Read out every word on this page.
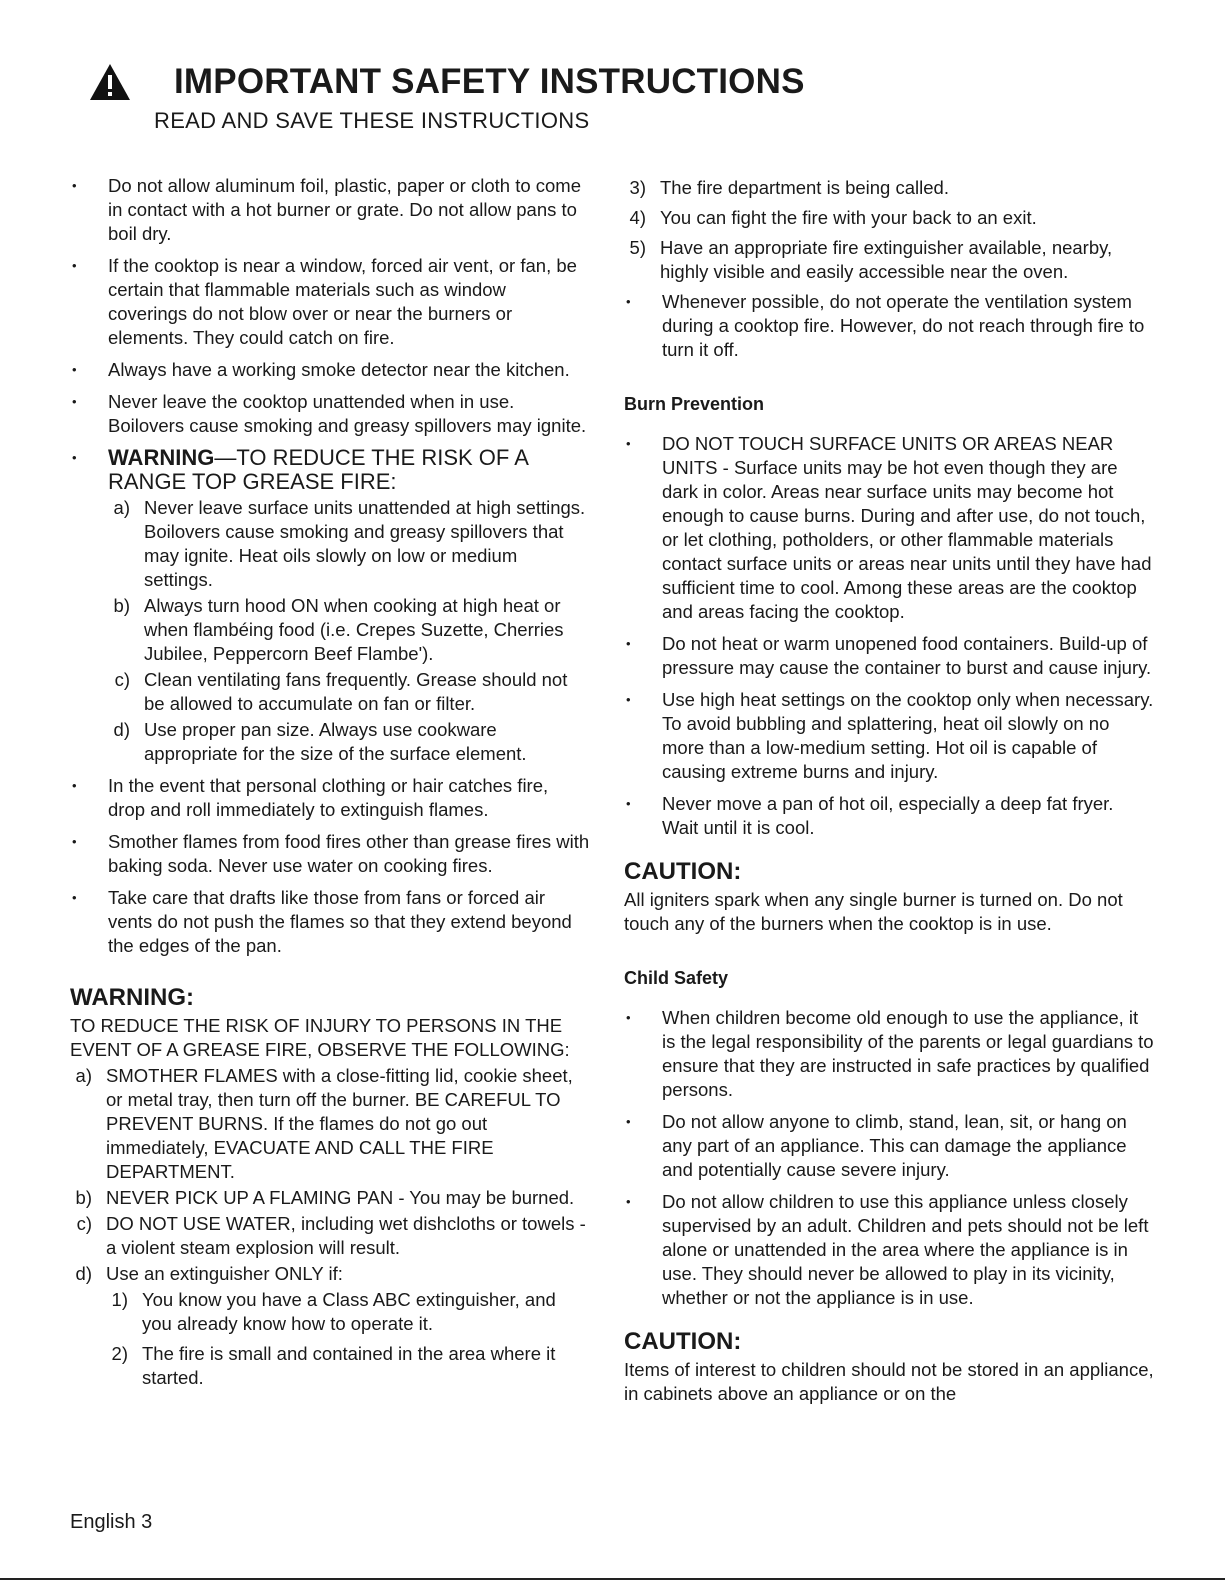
IMPORTANT SAFETY INSTRUCTIONS
READ AND SAVE THESE INSTRUCTIONS
• Do not allow aluminum foil, plastic, paper or cloth to come in contact with a hot burner or grate. Do not allow pans to boil dry.
• If the cooktop is near a window, forced air vent, or fan, be certain that flammable materials such as window coverings do not blow over or near the burners or elements. They could catch on fire.
• Always have a working smoke detector near the kitchen.
• Never leave the cooktop unattended when in use. Boilovers cause smoking and greasy spillovers may ignite.
• WARNING—TO REDUCE THE RISK OF A RANGE TOP GREASE FIRE:
a) Never leave surface units unattended at high settings. Boilovers cause smoking and greasy spillovers that may ignite. Heat oils slowly on low or medium settings.
b) Always turn hood ON when cooking at high heat or when flambéing food (i.e. Crepes Suzette, Cherries Jubilee, Peppercorn Beef Flambe').
c) Clean ventilating fans frequently. Grease should not be allowed to accumulate on fan or filter.
d) Use proper pan size. Always use cookware appropriate for the size of the surface element.
• In the event that personal clothing or hair catches fire, drop and roll immediately to extinguish flames.
• Smother flames from food fires other than grease fires with baking soda. Never use water on cooking fires.
• Take care that drafts like those from fans or forced air vents do not push the flames so that they extend beyond the edges of the pan.
WARNING:

TO REDUCE THE RISK OF INJURY TO PERSONS IN THE EVENT OF A GREASE FIRE, OBSERVE THE FOLLOWING:

a) SMOTHER FLAMES with a close-fitting lid, cookie sheet, or metal tray, then turn off the burner. BE CAREFUL TO PREVENT BURNS. If the flames do not go out immediately, EVACUATE AND CALL THE FIRE DEPARTMENT.
b) NEVER PICK UP A FLAMING PAN - You may be burned.
c) DO NOT USE WATER, including wet dishcloths or towels - a violent steam explosion will result.
d) Use an extinguisher ONLY if:
1) You know you have a Class ABC extinguisher, and you already know how to operate it.
2) The fire is small and contained in the area where it started.
3) The fire department is being called.
4) You can fight the fire with your back to an exit.
5) Have an appropriate fire extinguisher available, nearby, highly visible and easily accessible near the oven.
• Whenever possible, do not operate the ventilation system during a cooktop fire. However, do not reach through fire to turn it off.
Burn Prevention
• DO NOT TOUCH SURFACE UNITS OR AREAS NEAR UNITS - Surface units may be hot even though they are dark in color. Areas near surface units may become hot enough to cause burns. During and after use, do not touch, or let clothing, potholders, or other flammable materials contact surface units or areas near units until they have had sufficient time to cool. Among these areas are the cooktop and areas facing the cooktop.
• Do not heat or warm unopened food containers. Build-up of pressure may cause the container to burst and cause injury.
• Use high heat settings on the cooktop only when necessary. To avoid bubbling and splattering, heat oil slowly on no more than a low-medium setting. Hot oil is capable of causing extreme burns and injury.
• Never move a pan of hot oil, especially a deep fat fryer. Wait until it is cool.
CAUTION:

All igniters spark when any single burner is turned on. Do not touch any of the burners when the cooktop is in use.

Child Safety
• When children become old enough to use the appliance, it is the legal responsibility of the parents or legal guardians to ensure that they are instructed in safe practices by qualified persons.
• Do not allow anyone to climb, stand, lean, sit, or hang on any part of an appliance. This can damage the appliance and potentially cause severe injury.
• Do not allow children to use this appliance unless closely supervised by an adult. Children and pets should not be left alone or unattended in the area where the appliance is in use. They should never be allowed to play in its vicinity, whether or not the appliance is in use.
CAUTION:

Items of interest to children should not be stored in an appliance, in cabinets above an appliance or on the

English 3
